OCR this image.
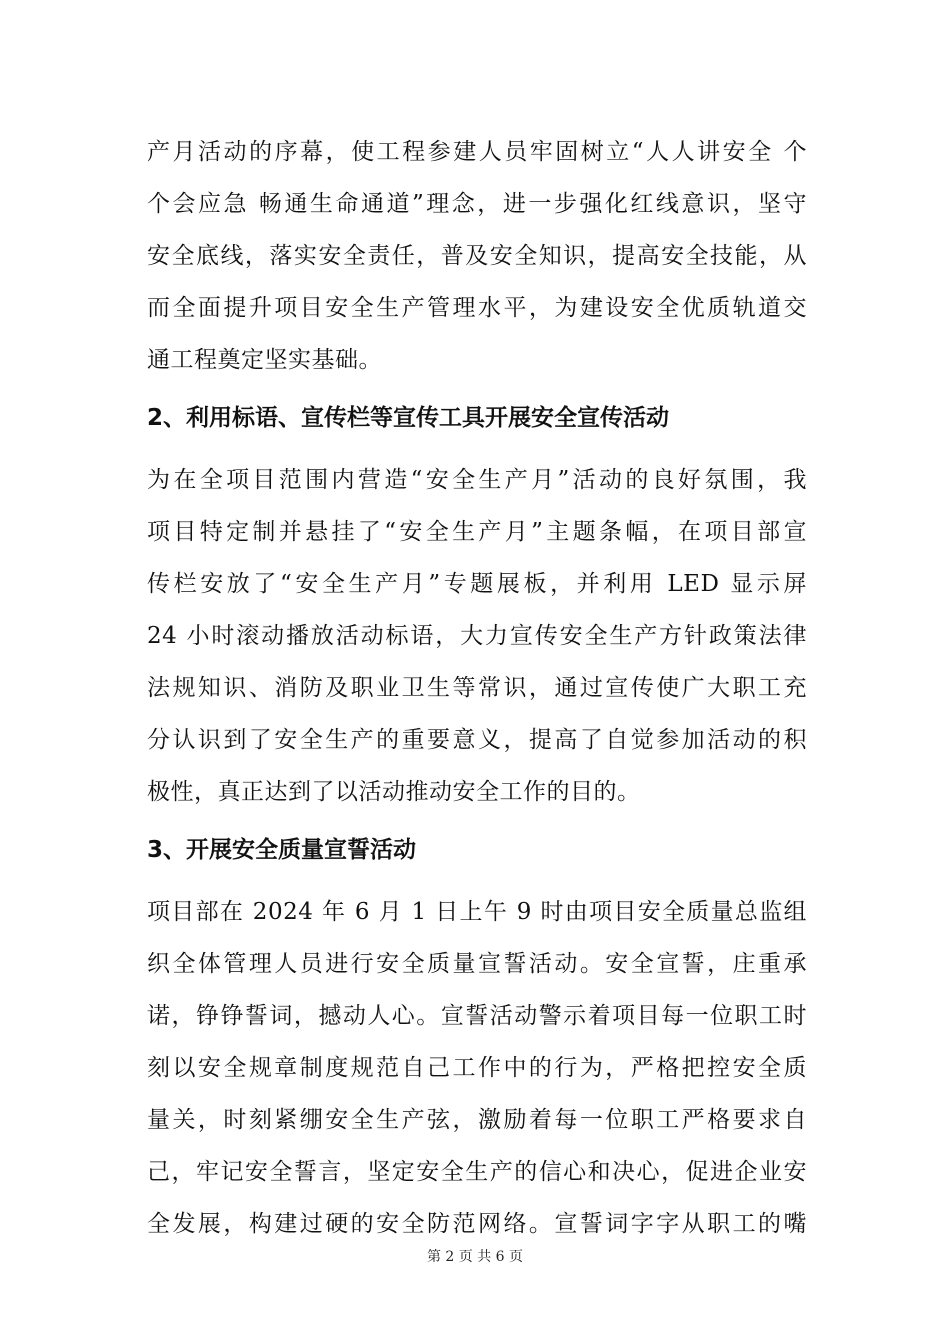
产月活动的序幕，使工程参建人员牢固树立“人人讲安全 个
个会应急 畅通生命通道”理念，进一步强化红线意识，坚守
安全底线，落实安全责任，普及安全知识，提高安全技能，从
而全面提升项目安全生产管理水平，为建设安全优质轨道交
通工程奠定坚实基础。
2、利用标语、宣传栏等宣传工具开展安全宣传活动
为在全项目范围内营造“安全生产月”活动的良好氛围，我
项目特定制并悬挂了“安全生产月”主题条幅，在项目部宣
传栏安放了“安全生产月”专题展板，并利用 LED 显示屏
24 小时滚动播放活动标语，大力宣传安全生产方针政策法律
法规知识、消防及职业卫生等常识，通过宣传使广大职工充
分认识到了安全生产的重要意义，提高了自觉参加活动的积
极性，真正达到了以活动推动安全工作的目的。
3、开展安全质量宣誓活动
项目部在 2024 年 6 月 1 日上午 9 时由项目安全质量总监组
织全体管理人员进行安全质量宣誓活动。安全宣誓，庄重承
诺，铮铮誓词，撼动人心。宣誓活动警示着项目每一位职工时
刻以安全规章制度规范自己工作中的行为，严格把控安全质
量关，时刻紧绷安全生产弦，激励着每一位职工严格要求自
己，牢记安全誓言，坚定安全生产的信心和决心，促进企业安
全发展，构建过硬的安全防范网络。宣誓词字字从职工的嘴
第 2 页 共 6 页
